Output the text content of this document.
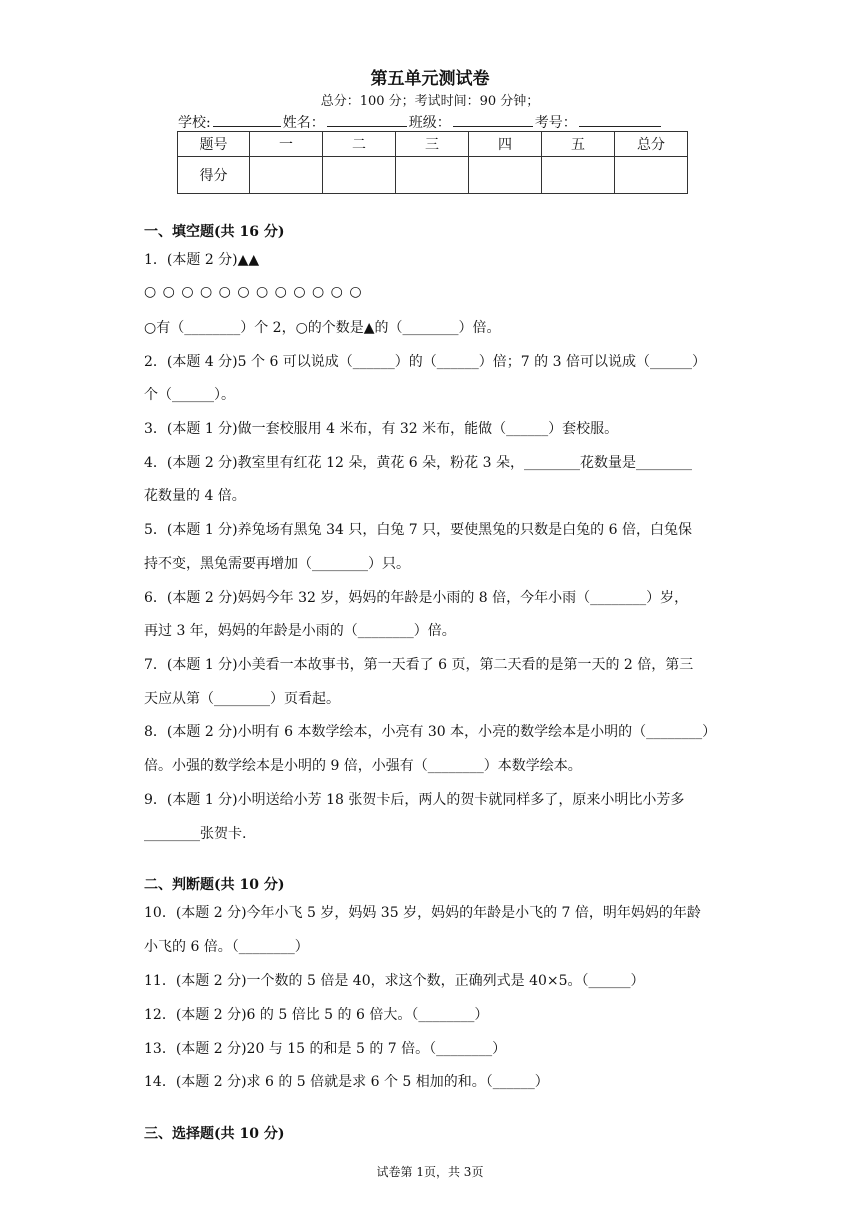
第五单元测试卷
总分：100 分；考试时间：90 分钟；
学校:	姓名：	班级：	考号：
题号	一	二	三	四	五	总分
得分						
一、填空题(共 16 分)
1．(本题 2 分)▲▲
○ ○ ○ ○ ○ ○ ○ ○ ○ ○ ○ ○
○有（________）个 2，○的个数是▲的（________）倍。
2．(本题 4 分)5 个 6 可以说成（______）的（______）倍；7 的 3 倍可以说成（______）
个（______）。
3．(本题 1 分)做一套校服用 4 米布，有 32 米布，能做（______）套校服。
4．(本题 2 分)教室里有红花 12 朵，黄花 6 朵，粉花 3 朵，________花数量是________
花数量的 4 倍。
5．(本题 1 分)养兔场有黑兔 34 只，白兔 7 只，要使黑兔的只数是白兔的 6 倍，白兔保
持不变，黑兔需要再增加（________）只。
6．(本题 2 分)妈妈今年 32 岁，妈妈的年龄是小雨的 8 倍，今年小雨（________）岁，
再过 3 年，妈妈的年龄是小雨的（________）倍。
7．(本题 1 分)小美看一本故事书，第一天看了 6 页，第二天看的是第一天的 2 倍，第三
天应从第（________）页看起。
8．(本题 2 分)小明有 6 本数学绘本，小亮有 30 本，小亮的数学绘本是小明的（________）
倍。小强的数学绘本是小明的 9 倍，小强有（________）本数学绘本。
9．(本题 1 分)小明送给小芳 18 张贺卡后，两人的贺卡就同样多了，原来小明比小芳多
________张贺卡.
二、判断题(共 10 分)
10．(本题 2 分)今年小飞 5 岁，妈妈 35 岁，妈妈的年龄是小飞的 7 倍，明年妈妈的年龄
小飞的 6 倍。（________）
11．(本题 2 分)一个数的 5 倍是 40，求这个数，正确列式是 40×5。（______）
12．(本题 2 分)6 的 5 倍比 5 的 6 倍大。（________）
13．(本题 2 分)20 与 15 的和是 5 的 7 倍。（________）
14．(本题 2 分)求 6 的 5 倍就是求 6 个 5 相加的和。（______）
三、选择题(共 10 分)
试卷第 1页，共 3页
